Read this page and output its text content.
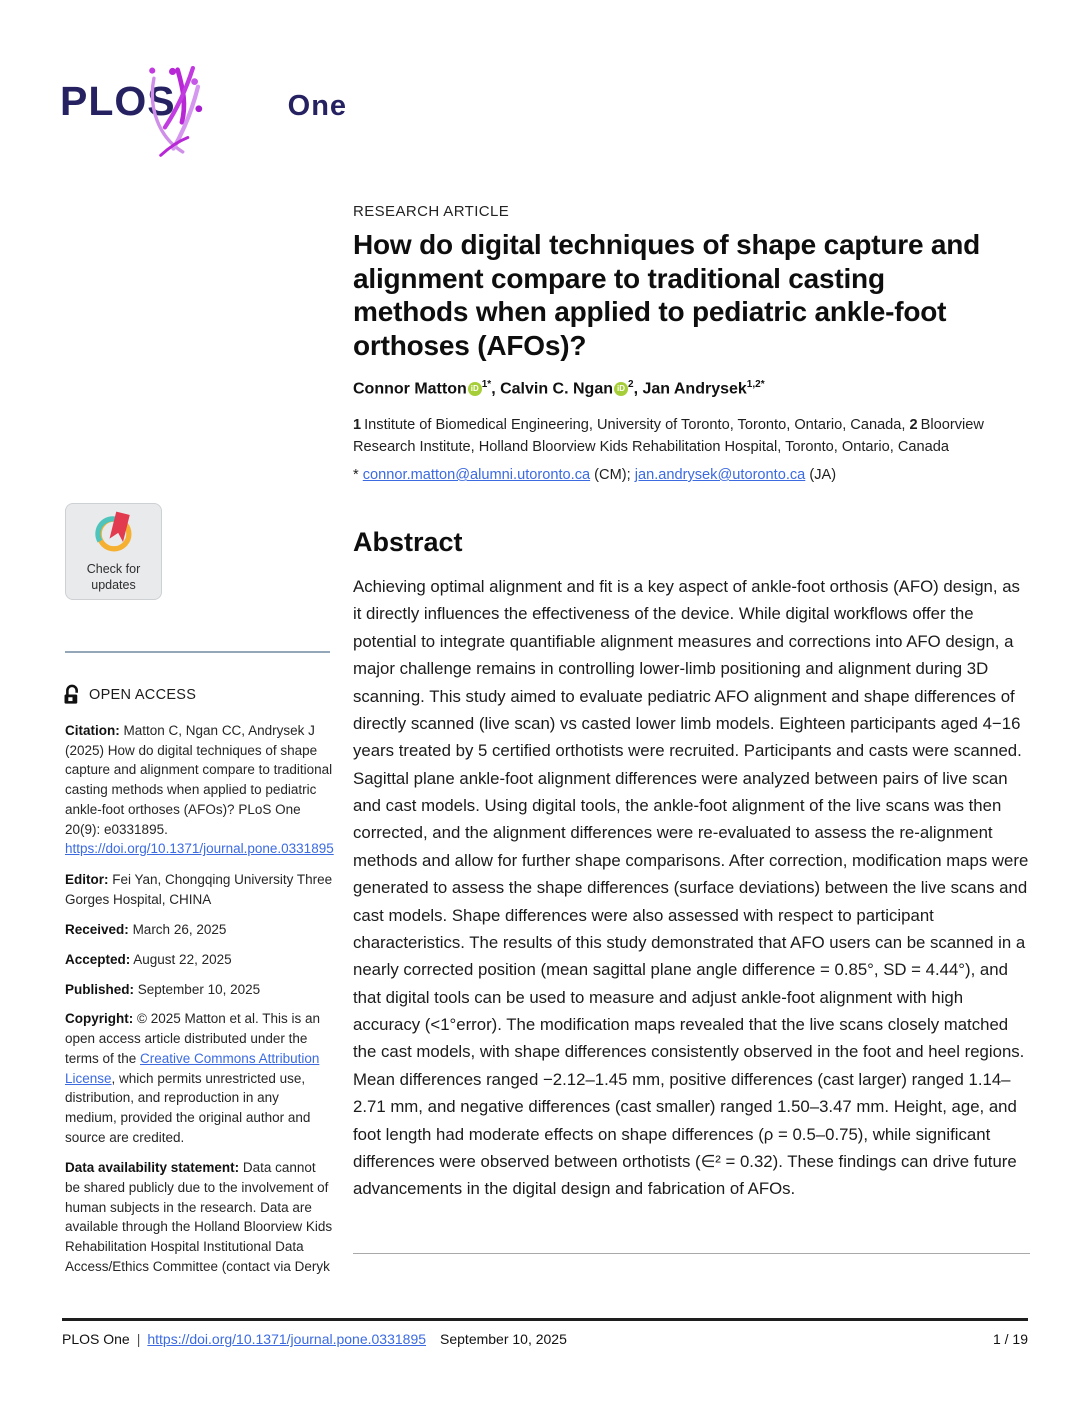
PLOS	One
RESEARCH ARTICLE
How do digital techniques of shape capture and alignment compare to traditional casting methods when applied to pediatric ankle-foot orthoses (AFOs)?
Connor Matton iD $^{1*}$, Calvin C. Ngan iD $^2$, Jan Andrysek$^{1,2*}$
1 Institute of Biomedical Engineering, University of Toronto, Toronto, Ontario, Canada, 2 Bloorview Research Institute, Holland Bloorview Kids Rehabilitation Hospital, Toronto, Ontario, Canada
* connor.matton@alumni.utoronto.ca (CM); jan.andrysek@utoronto.ca (JA)
Abstract

Achieving optimal alignment and fit is a key aspect of ankle-foot orthosis (AFO) design, as it directly influences the effectiveness of the device. While digital workflows offer the potential to integrate quantifiable alignment measures and corrections into AFO design, a major challenge remains in controlling lower-limb positioning and alignment during 3D scanning. This study aimed to evaluate pediatric AFO alignment and shape differences of directly scanned (live scan) vs casted lower limb models. Eighteen participants aged 4−16 years treated by 5 certified orthotists were recruited. Participants and casts were scanned. Sagittal plane ankle-foot alignment differences were analyzed between pairs of live scan and cast models. Using digital tools, the ankle-foot alignment of the live scans was then corrected, and the alignment differences were re-evaluated to assess the re-alignment methods and allow for further shape comparisons. After correction, modification maps were generated to assess the shape differences (surface deviations) between the live scans and cast models. Shape differences were also assessed with respect to participant characteristics. The results of this study demonstrated that AFO users can be scanned in a nearly corrected position (mean sagittal plane angle difference = 0.85°, SD = 4.44°), and that digital tools can be used to measure and adjust ankle-foot alignment with high accuracy (<1°error). The modification maps revealed that the live scans closely matched the cast models, with shape differences consistently observed in the foot and heel regions. Mean differences ranged −2.12–1.45 mm, positive differences (cast larger) ranged 1.14–2.71 mm, and negative differences (cast smaller) ranged 1.50–3.47 mm. Height, age, and foot length had moderate effects on shape differences (ρ = 0.5–0.75), while significant differences were observed between orthotists (∈² = 0.32). These findings can drive future advancements in the digital design and fabrication of AFOs.

Check for
updates
OPEN ACCESS
Citation: Matton C, Ngan CC, Andrysek J (2025) How do digital techniques of shape capture and alignment compare to traditional casting methods when applied to pediatric ankle-foot orthoses (AFOs)? PLoS One 20(9): e0331895. https://doi.org/10.1371/journal.pone.0331895
Editor: Fei Yan, Chongqing University Three Gorges Hospital, CHINA
Received: March 26, 2025
Accepted: August 22, 2025
Published: September 10, 2025
Copyright: © 2025 Matton et al. This is an open access article distributed under the terms of the Creative Commons Attribution License, which permits unrestricted use, distribution, and reproduction in any medium, provided the original author and source are credited.
Data availability statement: Data cannot be shared publicly due to the involvement of human subjects in the research. Data are available through the Holland Bloorview Kids Rehabilitation Hospital Institutional Data Access/Ethics Committee (contact via Deryk
PLOS One | https://doi.org/10.1371/journal.pone.0331895 September 10, 2025	1 / 19
